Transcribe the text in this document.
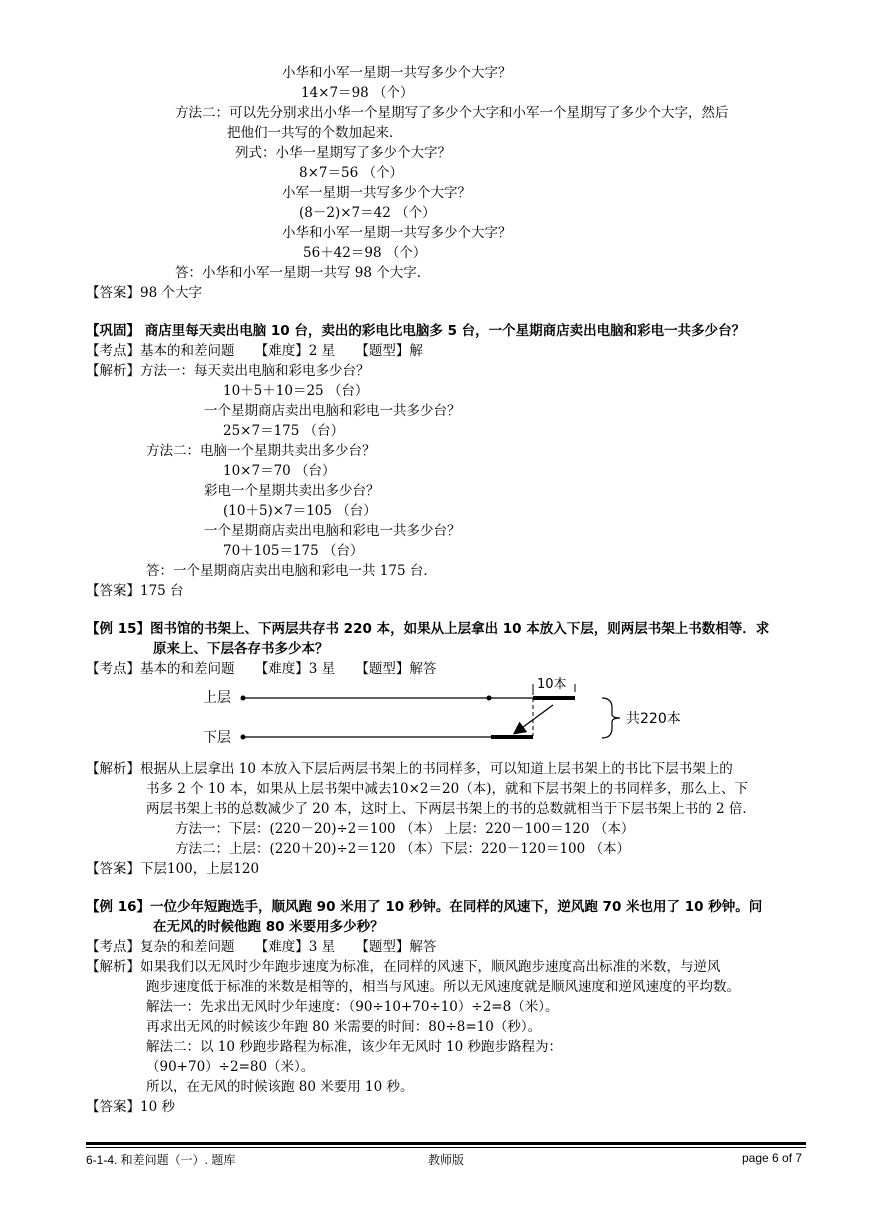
小华和小军一星期一共写多少个大字？
14×7＝98 （个）
方法二：可以先分别求出小华一个星期写了多少个大字和小军一个星期写了多少个大字，然后
把他们一共写的个数加起来．
列式：小华一星期写了多少个大字？
8×7＝56 （个）
小军一星期一共写多少个大字？
(8－2)×7＝42 （个）
小华和小军一星期一共写多少个大字？
56＋42＝98 （个）
答：小华和小军一星期一共写 98 个大字．
【答案】98 个大字
【巩固】 商店里每天卖出电脑 10 台，卖出的彩电比电脑多 5 台，一个星期商店卖出电脑和彩电一共多少台？
【考点】基本的和差问题　　【难度】2 星　　【题型】解
【解析】方法一：每天卖出电脑和彩电多少台？
10＋5＋10＝25 （台）
一个星期商店卖出电脑和彩电一共多少台？
25×7＝175 （台）
方法二：电脑一个星期共卖出多少台？
10×7＝70 （台）
彩电一个星期共卖出多少台？
(10＋5)×7＝105 （台）
一个星期商店卖出电脑和彩电一共多少台？
70＋105＝175 （台）
答：一个星期商店卖出电脑和彩电一共 175 台．
【答案】175 台
【例 15】图书馆的书架上、下两层共存书 220 本，如果从上层拿出 10 本放入下层，则两层书架上书数相等．求
原来上、下层各存书多少本？
【考点】基本的和差问题　　【难度】3 星　　【题型】解答
上层
下层
10本
共220本
【解析】根据从上层拿出 10 本放入下层后两层书架上的书同样多，可以知道上层书架上的书比下层书架上的
书多 2 个 10 本，如果从上层书架中减去10×2＝20（本)，就和下层书架上的书同样多，那么上、下
两层书架上书的总数减少了 20 本，这时上、下两层书架上的书的总数就相当于下层书架上书的 2 倍．
方法一：下层：(220－20)÷2＝100 （本） 上层：220－100＝120 （本）
方法二：上层：(220＋20)÷2＝120 （本）下层：220－120＝100 （本）
【答案】下层100，上层120
【例 16】一位少年短跑选手，顺风跑 90 米用了 10 秒钟。在同样的风速下，逆风跑 70 米也用了 10 秒钟。问
在无风的时候他跑 80 米要用多少秒？
【考点】复杂的和差问题　　【难度】3 星　　【题型】解答
【解析】如果我们以无风时少年跑步速度为标准，在同样的风速下，顺风跑步速度高出标准的米数，与逆风
跑步速度低于标准的米数是相等的，相当与风速。所以无风速度就是顺风速度和逆风速度的平均数。
解法一：先求出无风时少年速度：（90÷10+70÷10）÷2=8（米）。
再求出无风的时候该少年跑 80 米需要的时间：80÷8=10（秒）。
解法二：以 10 秒跑步路程为标准，该少年无风时 10 秒跑步路程为：
（90+70）÷2=80（米）。
所以，在无风的时候该跑 80 米要用 10 秒。
【答案】10 秒
6-1-4. 和差问题（一）. 题库	教师版	page 6 of 7
